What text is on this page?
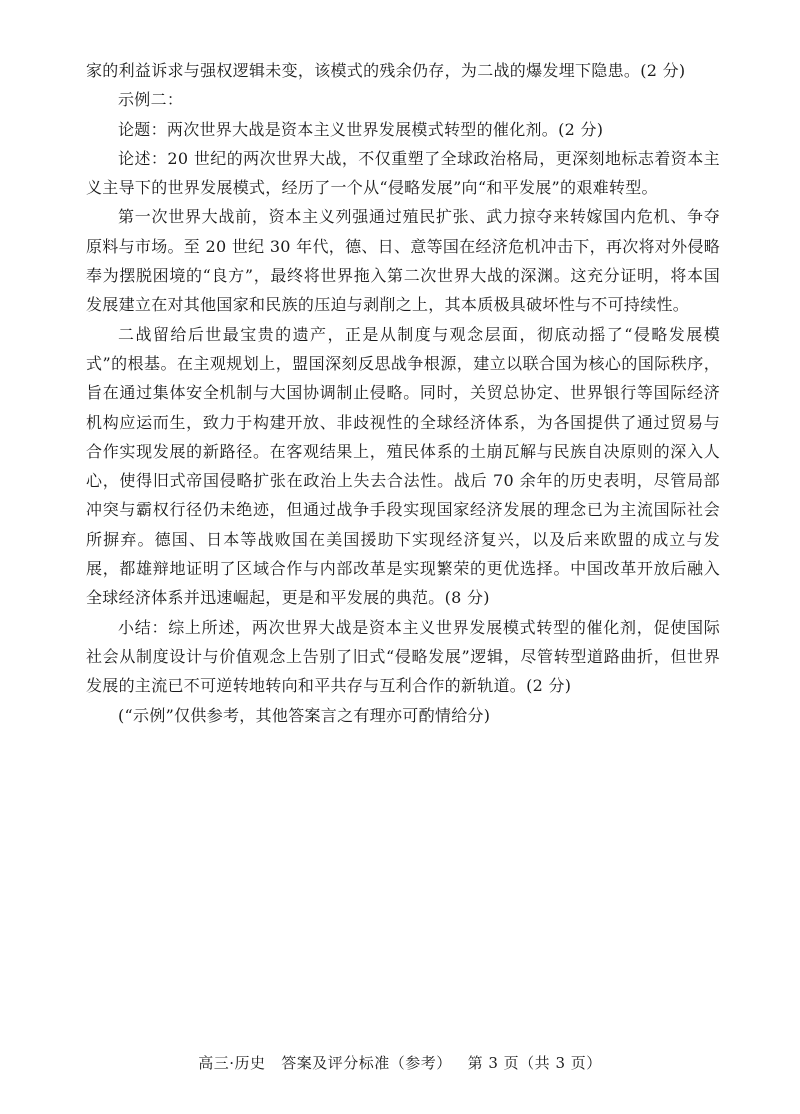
家的利益诉求与强权逻辑未变，该模式的残余仍存，为二战的爆发埋下隐患。(2 分)

示例二：

论题：两次世界大战是资本主义世界发展模式转型的催化剂。(2 分)

论述：20 世纪的两次世界大战，不仅重塑了全球政治格局，更深刻地标志着资本主义主导下的世界发展模式，经历了一个从“侵略发展”向“和平发展”的艰难转型。

第一次世界大战前，资本主义列强通过殖民扩张、武力掠夺来转嫁国内危机、争夺原料与市场。至 20 世纪 30 年代，德、日、意等国在经济危机冲击下，再次将对外侵略奉为摆脱困境的“良方”，最终将世界拖入第二次世界大战的深渊。这充分证明，将本国发展建立在对其他国家和民族的压迫与剥削之上，其本质极具破坏性与不可持续性。

二战留给后世最宝贵的遗产，正是从制度与观念层面，彻底动摇了“侵略发展模式”的根基。在主观规划上，盟国深刻反思战争根源，建立以联合国为核心的国际秩序，旨在通过集体安全机制与大国协调制止侵略。同时，关贸总协定、世界银行等国际经济机构应运而生，致力于构建开放、非歧视性的全球经济体系，为各国提供了通过贸易与合作实现发展的新路径。在客观结果上，殖民体系的土崩瓦解与民族自决原则的深入人心，使得旧式帝国侵略扩张在政治上失去合法性。战后 70 余年的历史表明，尽管局部冲突与霸权行径仍未绝迹，但通过战争手段实现国家经济发展的理念已为主流国际社会所摒弃。德国、日本等战败国在美国援助下实现经济复兴，以及后来欧盟的成立与发展，都雄辩地证明了区域合作与内部改革是实现繁荣的更优选择。中国改革开放后融入全球经济体系并迅速崛起，更是和平发展的典范。(8 分)

小结：综上所述，两次世界大战是资本主义世界发展模式转型的催化剂，促使国际社会从制度设计与价值观念上告别了旧式“侵略发展”逻辑，尽管转型道路曲折，但世界发展的主流已不可逆转地转向和平共存与互利合作的新轨道。(2 分)

(“示例”仅供参考，其他答案言之有理亦可酌情给分)

高三·历史   答案及评分标准（参考）   第 3 页（共 3 页）
